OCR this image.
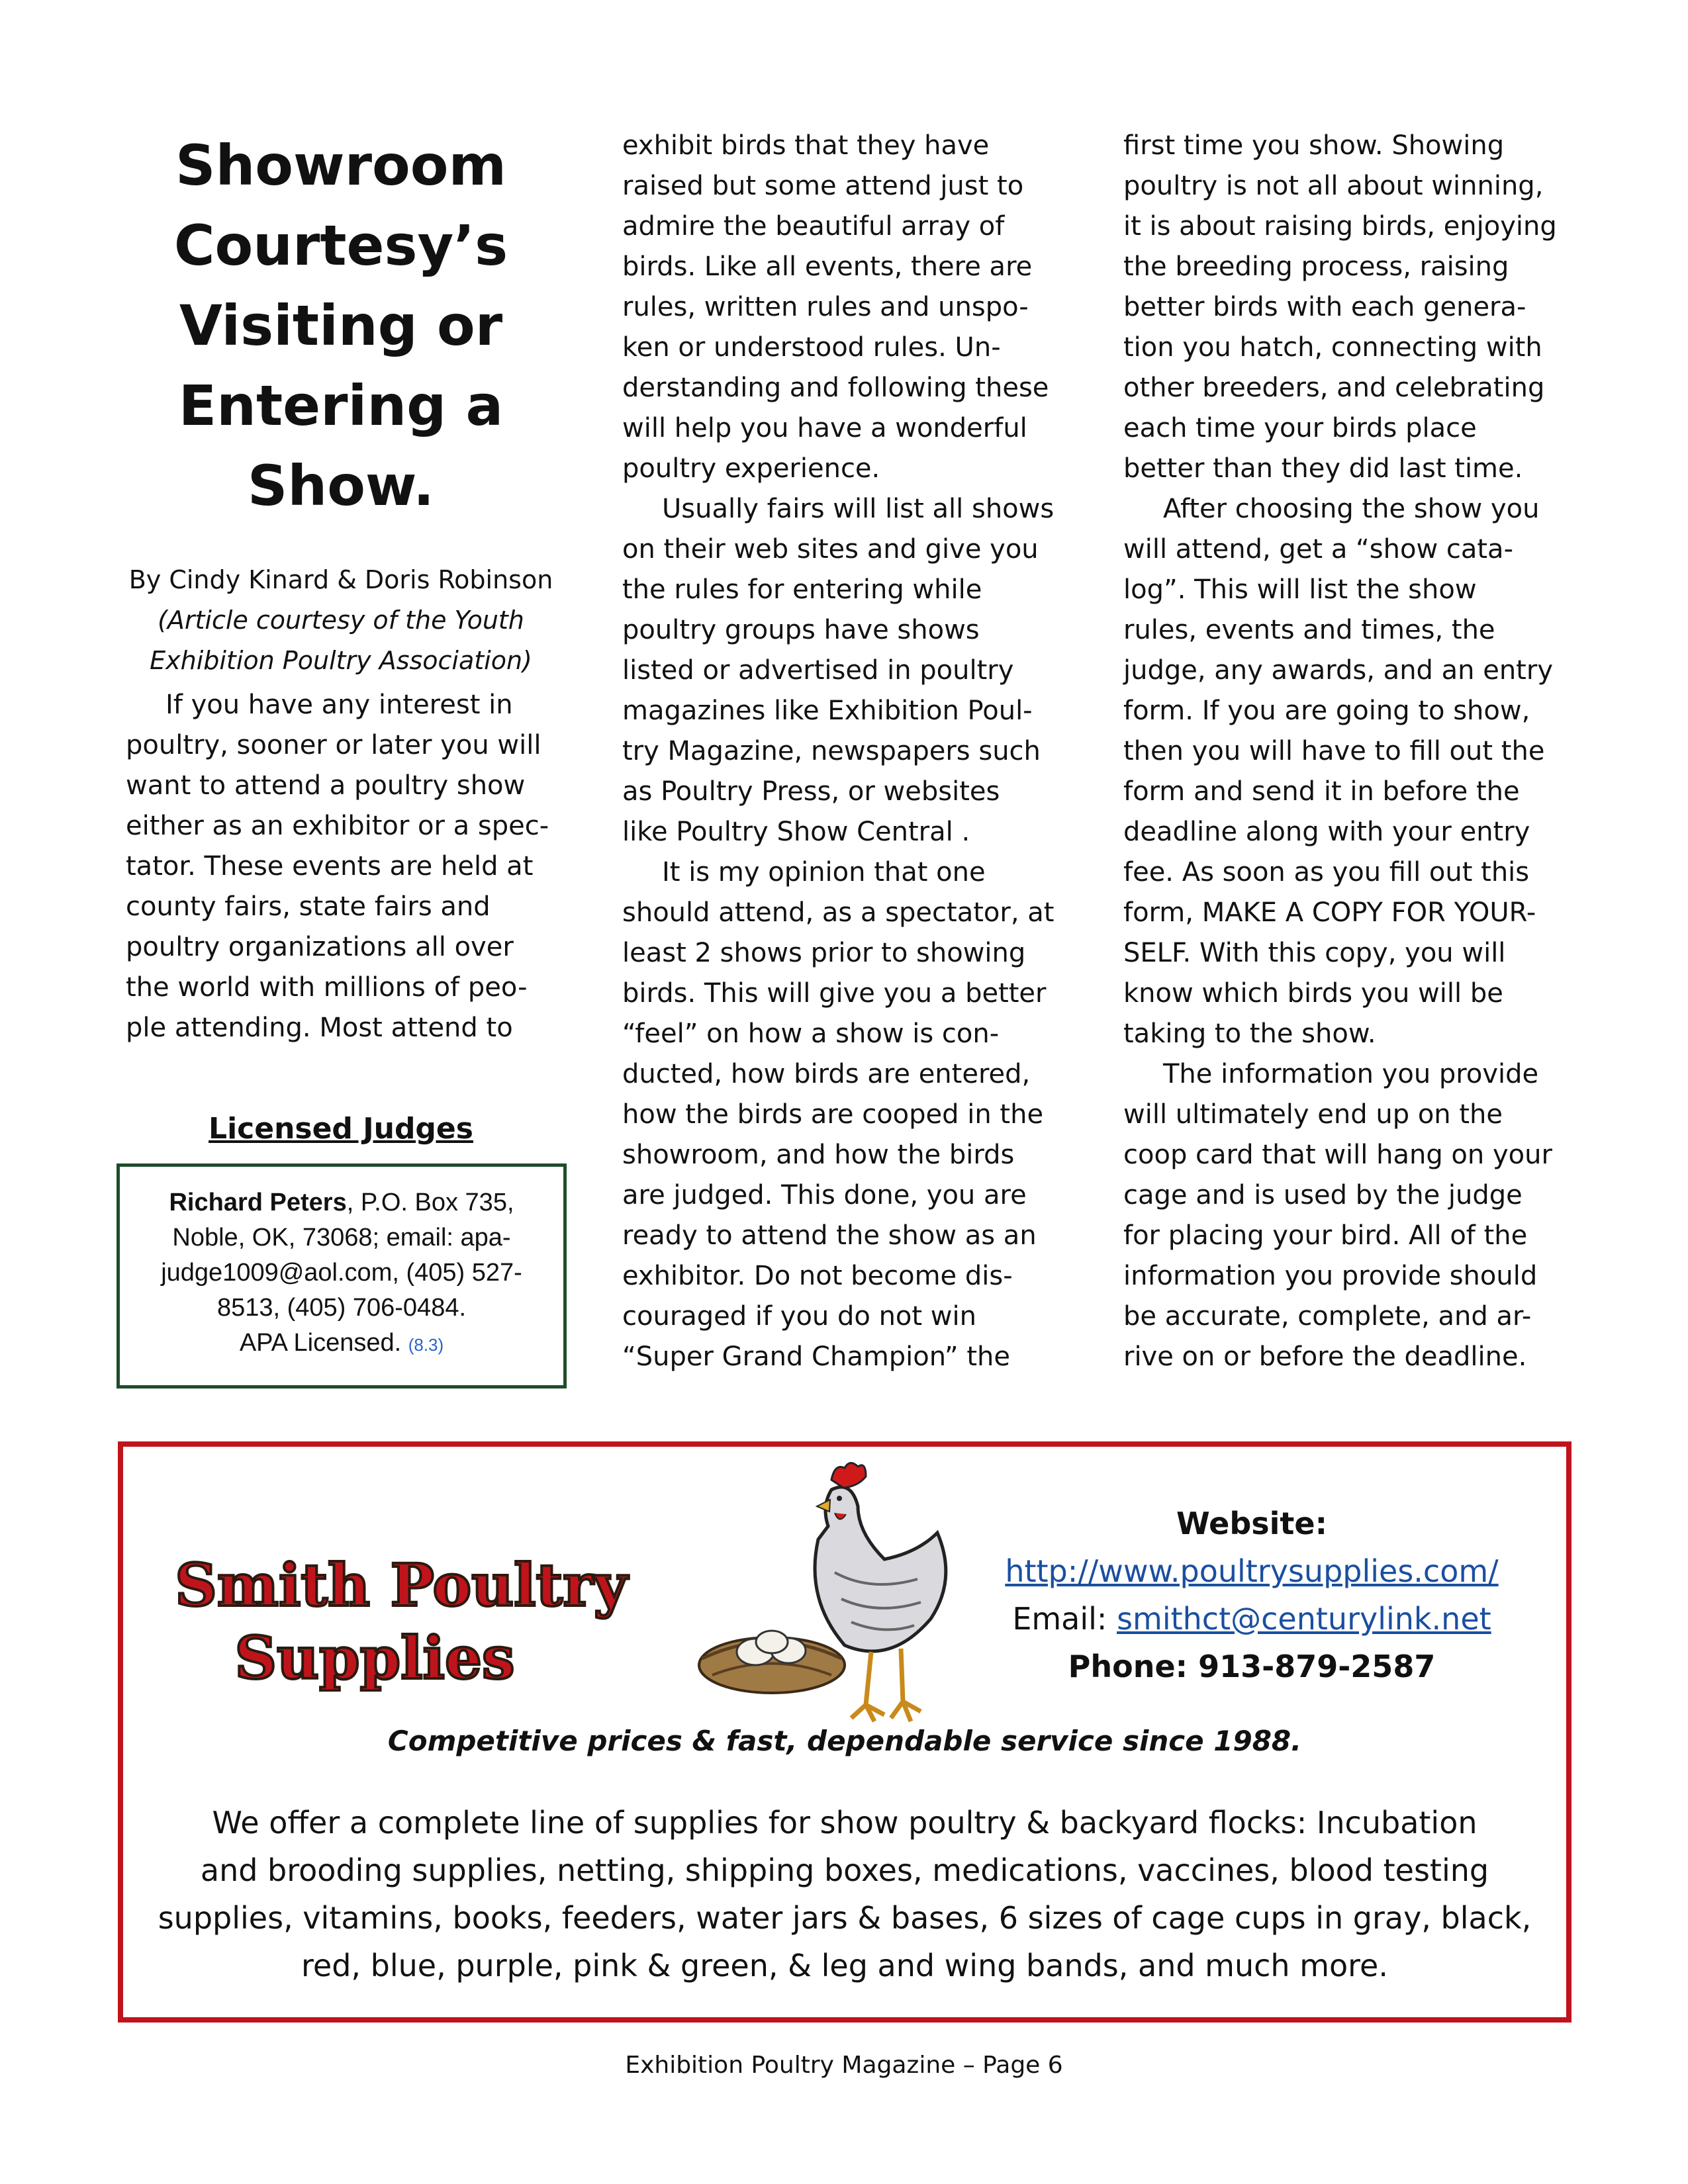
Showroom
Courtesy’s
Visiting or
Entering a
Show.
By Cindy Kinard & Doris Robinson
(Article courtesy of the Youth
Exhibition Poultry Association)
If you have any interest in
poultry, sooner or later you will
want to attend a poultry show
either as an exhibitor or a spec-
tator. These events are held at
county fairs, state fairs and
poultry organizations all over
the world with millions of peo-
ple attending. Most attend to
exhibit birds that they have
raised but some attend just to
admire the beautiful array of
birds. Like all events, there are
rules, written rules and unspo-
ken or understood rules. Un-
derstanding and following these
will help you have a wonderful
poultry experience.
Usually fairs will list all shows
on their web sites and give you
the rules for entering while
poultry groups have shows
listed or advertised in poultry
magazines like Exhibition Poul-
try Magazine, newspapers such
as Poultry Press, or websites
like Poultry Show Central .
It is my opinion that one
should attend, as a spectator, at
least 2 shows prior to showing
birds. This will give you a better
“feel” on how a show is con-
ducted, how birds are entered,
how the birds are cooped in the
showroom, and how the birds
are judged. This done, you are
ready to attend the show as an
exhibitor. Do not become dis-
couraged if you do not win
“Super Grand Champion” the
first time you show. Showing
poultry is not all about winning,
it is about raising birds, enjoying
the breeding process, raising
better birds with each genera-
tion you hatch, connecting with
other breeders, and celebrating
each time your birds place
better than they did last time.
After choosing the show you
will attend, get a “show cata-
log”. This will list the show
rules, events and times, the
judge, any awards, and an entry
form. If you are going to show,
then you will have to fill out the
form and send it in before the
deadline along with your entry
fee. As soon as you fill out this
form, MAKE A COPY FOR YOUR-
SELF. With this copy, you will
know which birds you will be
taking to the show.
The information you provide
will ultimately end up on the
coop card that will hang on your
cage and is used by the judge
for placing your bird. All of the
information you provide should
be accurate, complete, and ar-
rive on or before the deadline.
Licensed Judges
Richard Peters, P.O. Box 735,
Noble, OK, 73068; email: apa-
judge1009@aol.com, (405) 527-
8513, (405) 706-0484.
APA Licensed. (8.3)
Smith Poultry
Supplies
Website:
http://www.poultrysupplies.com/
Email: smithct@centurylink.net
Phone: 913-879-2587
Competitive prices & fast, dependable service since 1988.
We offer a complete line of supplies for show poultry & backyard flocks: Incubation
and brooding supplies, netting, shipping boxes, medications, vaccines, blood testing
supplies, vitamins, books, feeders, water jars & bases, 6 sizes of cage cups in gray, black,
red, blue, purple, pink & green, & leg and wing bands, and much more.
Exhibition Poultry Magazine – Page 6
